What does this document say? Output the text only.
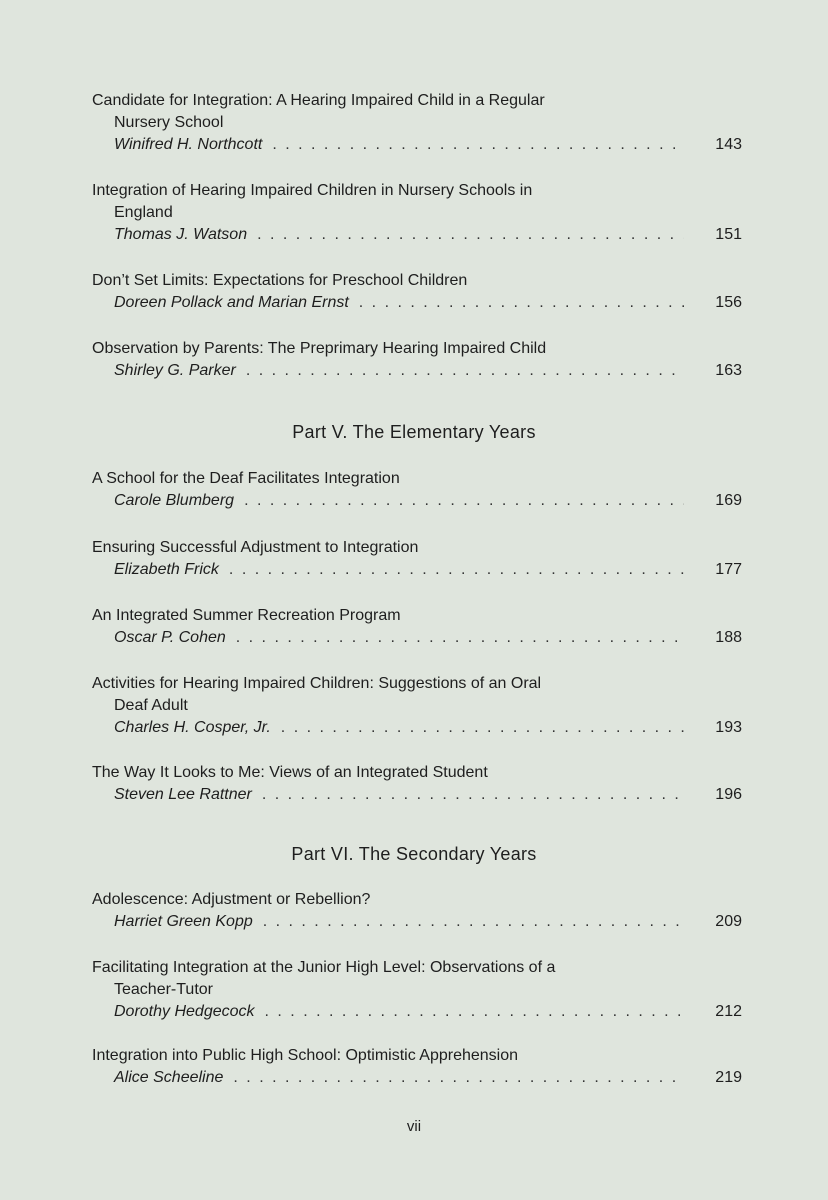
Candidate for Integration: A Hearing Impaired Child in a Regular
Nursery School
Winifred H. Northcott . . .	143
Integration of Hearing Impaired Children in Nursery Schools in
England
Thomas J. Watson . . .	151
Don’t Set Limits: Expectations for Preschool Children
Doreen Pollack and Marian Ernst . . .	156
Observation by Parents: The Preprimary Hearing Impaired Child
Shirley G. Parker . . .	163
Part V. The Elementary Years
A School for the Deaf Facilitates Integration
Carole Blumberg . . .	169
Ensuring Successful Adjustment to Integration
Elizabeth Frick . . .	177
An Integrated Summer Recreation Program
Oscar P. Cohen . . .	188
Activities for Hearing Impaired Children: Suggestions of an Oral
Deaf Adult
Charles H. Cosper, Jr. . . .	193
The Way It Looks to Me: Views of an Integrated Student
Steven Lee Rattner . . .	196
Part VI. The Secondary Years
Adolescence: Adjustment or Rebellion?
Harriet Green Kopp . . .	209
Facilitating Integration at the Junior High Level: Observations of a
Teacher-Tutor
Dorothy Hedgecock . . .	212
Integration into Public High School: Optimistic Apprehension
Alice Scheeline . . .	219
vii
